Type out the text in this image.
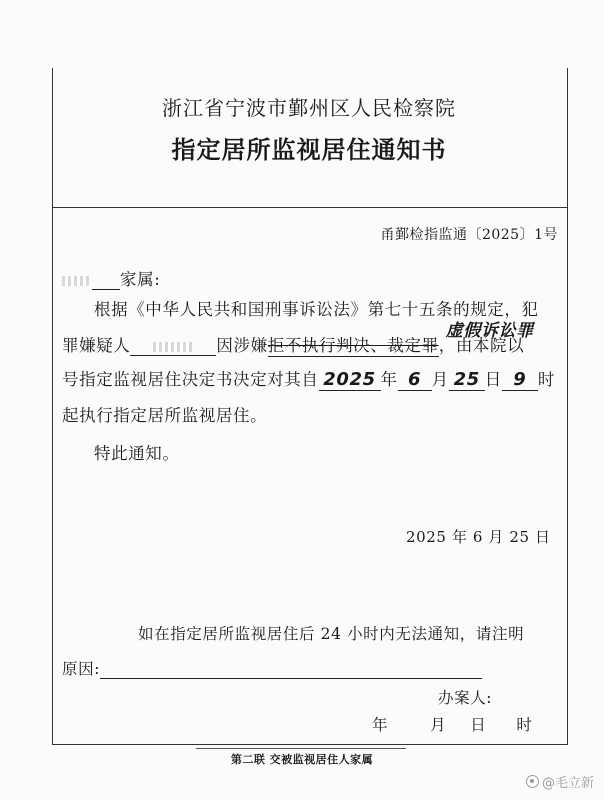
浙江省宁波市鄞州区人民检察院
指定居所监视居住通知书
甬鄞检指监通〔2025〕1号
家属:
根据《中华人民共和国刑事诉讼法》第七十五条的规定，犯
罪嫌疑人	因涉嫌拒不执行判决、裁定罪
虚假诉讼罪
，由本院以
号指定监视居住决定书决定对其自 2025 年 6 月 25 日 9 时
起执行指定居所监视居住。
特此通知。
2025 年 6 月 25 日
如在指定居所监视居住后 24 小时内无法通知，请注明
原因:
办案人:
年	月 日 时
第二联 交被监视居住人家属
@毛立新
